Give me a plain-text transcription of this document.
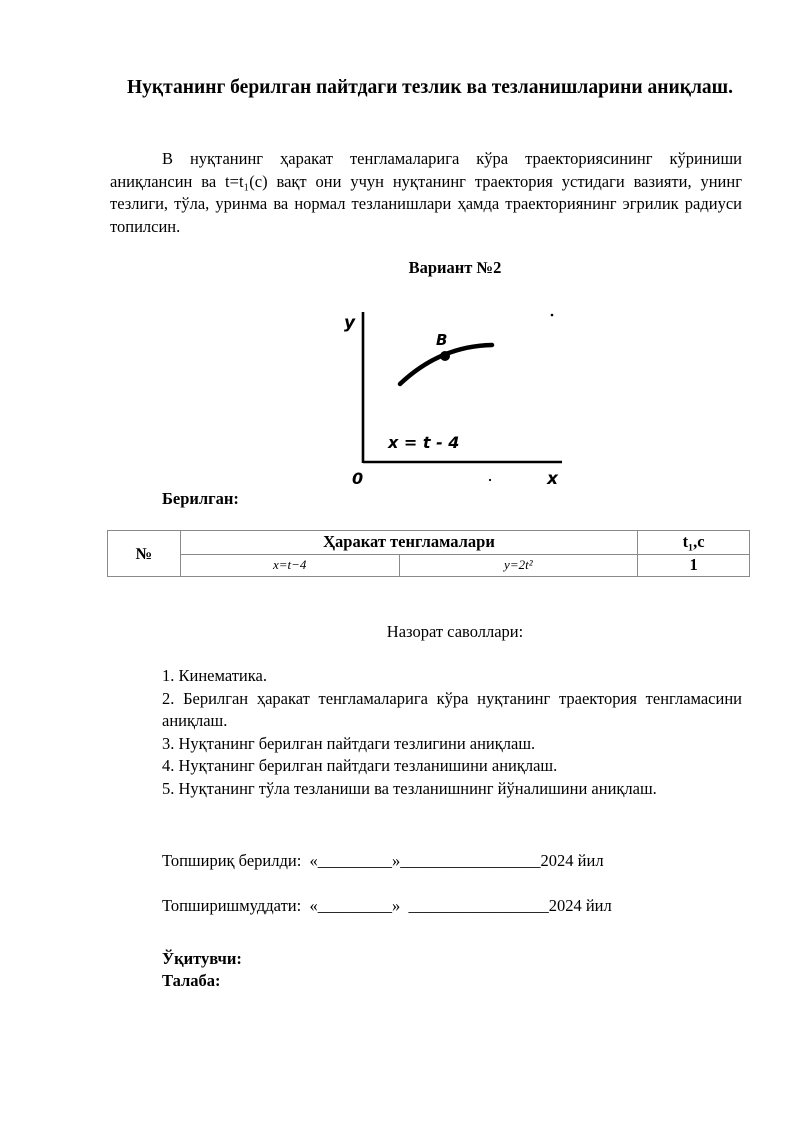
Нуқтанинг берилган пайтдаги тезлик ва тезланишларини аниқлаш.

В нуқтанинг ҳаракат тенгламаларига кўра траекториясининг кўриниши аниқлансин ва t=t₁(c) вақт они учун нуқтанинг траектория устидаги вазияти, унинг тезлиги, тўла, уринма ва нормал тезланишлари ҳамда траекториянинг эгрилик радиуси топилсин.

Вариант №2
y
B
x = t - 4
0	x
Берилган:
№	Ҳаракат тенгламалари		t₁,c
	x=t−4	y=2t²	1
Назорат саволлари:
1. Кинематика.
2. Берилган ҳаракат тенгламаларига кўра нуқтанинг траектория тенгламасини аниқлаш.
3. Нуқтанинг берилган пайтдаги тезлигини аниқлаш.
4. Нуқтанинг берилган пайтдаги тезланишини аниқлаш.
5. Нуқтанинг тўла тезланиши ва тезланишнинг йўналишини аниқлаш.
Топшириқ берилди:  «_________»_________________2024 йил
Топширишмуддати:  «_________»  _________________2024 йил
Ўқитувчи:
Талаба:
